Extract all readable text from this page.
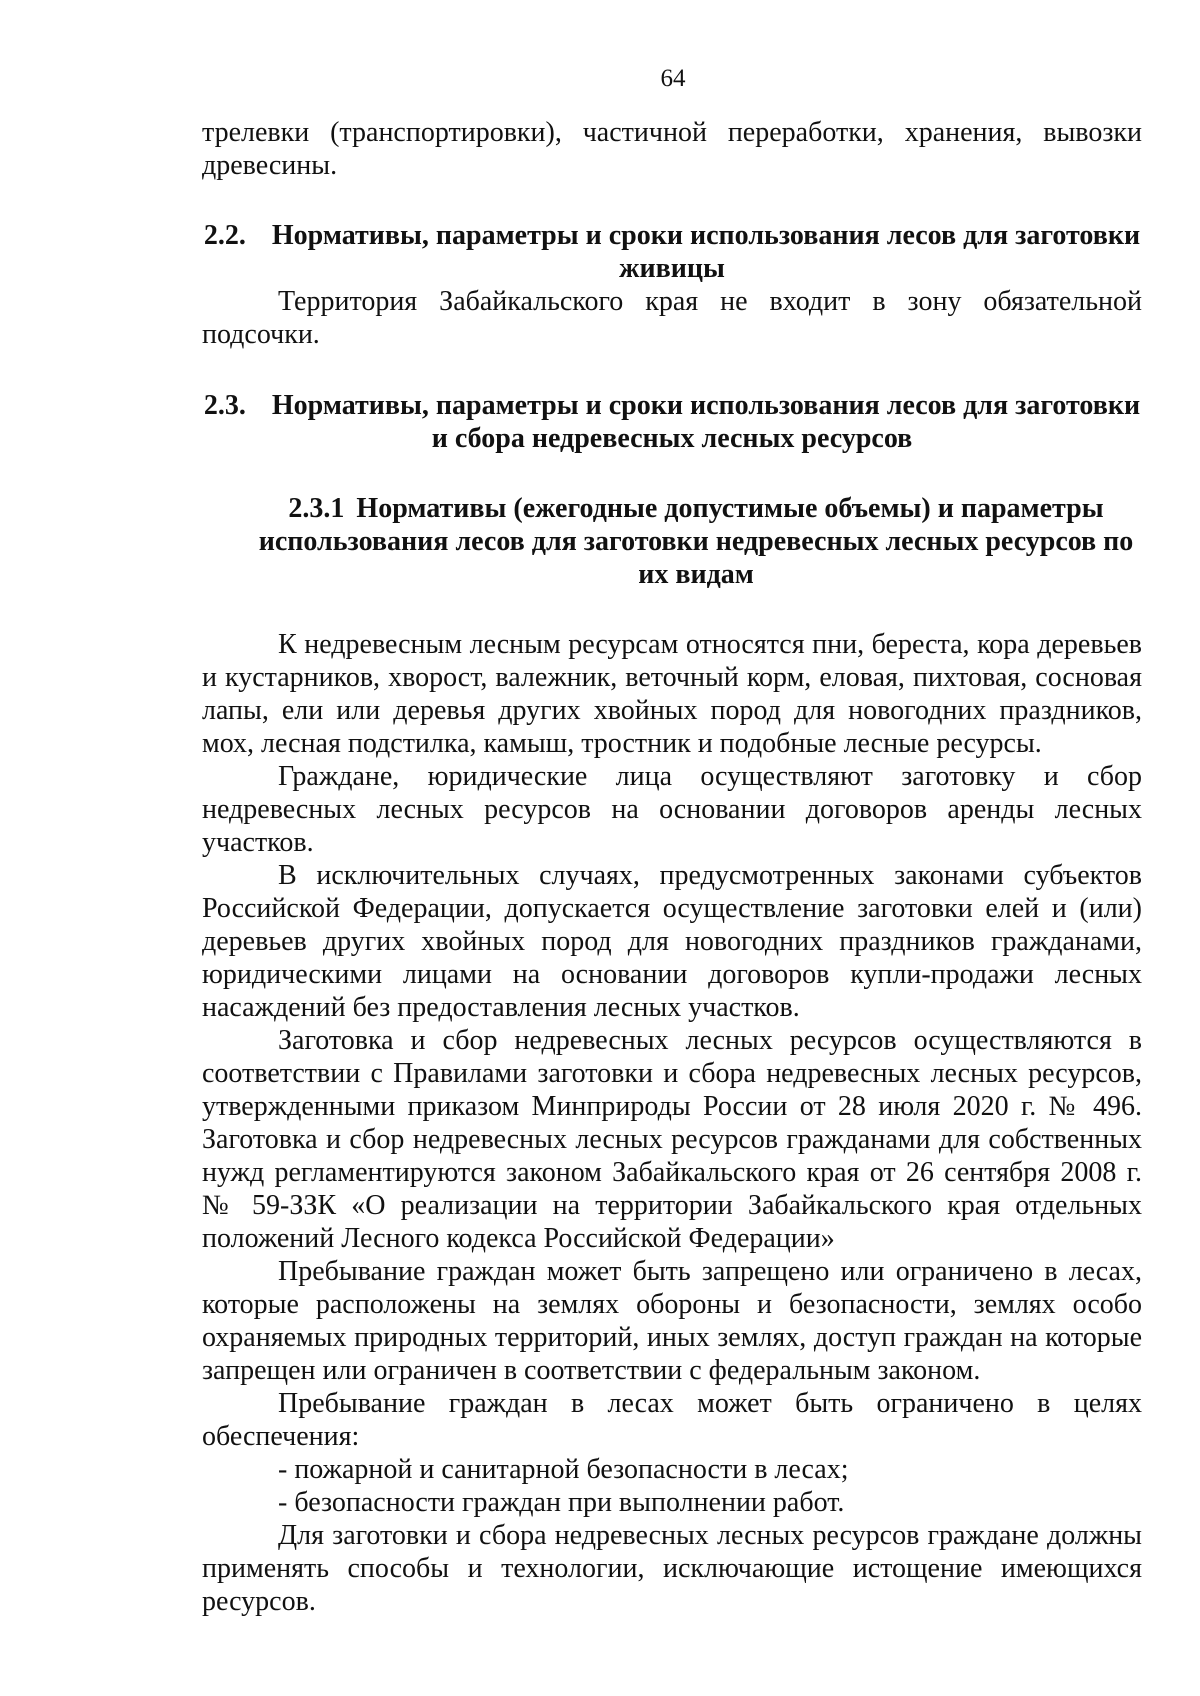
64

трелевки (транспортировки), частичной переработки, хранения, вывозки древесины.

2.2. Нормативы, параметры и сроки использования лесов для заготовки живицы

Территория Забайкальского края не входит в зону обязательной подсочки.

2.3. Нормативы, параметры и сроки использования лесов для заготовки и сбора недревесных лесных ресурсов
2.3.1 Нормативы (ежегодные допустимые объемы) и параметры использования лесов для заготовки недревесных лесных ресурсов по их видам

К недревесным лесным ресурсам относятся пни, береста, кора деревьев и кустарников, хворост, валежник, веточный корм, еловая, пихтовая, сосновая лапы, ели или деревья других хвойных пород для новогодних праздников, мох, лесная подстилка, камыш, тростник и подобные лесные ресурсы.

Граждане, юридические лица осуществляют заготовку и сбор недревесных лесных ресурсов на основании договоров аренды лесных участков.

В исключительных случаях, предусмотренных законами субъектов Российской Федерации, допускается осуществление заготовки елей и (или) деревьев других хвойных пород для новогодних праздников гражданами, юридическими лицами на основании договоров купли-продажи лесных насаждений без предоставления лесных участков.

Заготовка и сбор недревесных лесных ресурсов осуществляются в соответствии с Правилами заготовки и сбора недревесных лесных ресурсов, утвержденными приказом Минприроды России от 28 июля 2020 г. № 496. Заготовка и сбор недревесных лесных ресурсов гражданами для собственных нужд регламентируются законом Забайкальского края от 26 сентября 2008 г. № 59-ЗЗК «О реализации на территории Забайкальского края отдельных положений Лесного кодекса Российской Федерации»

Пребывание граждан может быть запрещено или ограничено в лесах, которые расположены на землях обороны и безопасности, землях особо охраняемых природных территорий, иных землях, доступ граждан на которые запрещен или ограничен в соответствии с федеральным законом.

Пребывание граждан в лесах может быть ограничено в целях обеспечения:

- пожарной и санитарной безопасности в лесах;

- безопасности граждан при выполнении работ.

Для заготовки и сбора недревесных лесных ресурсов граждане должны применять способы и технологии, исключающие истощение имеющихся ресурсов.
